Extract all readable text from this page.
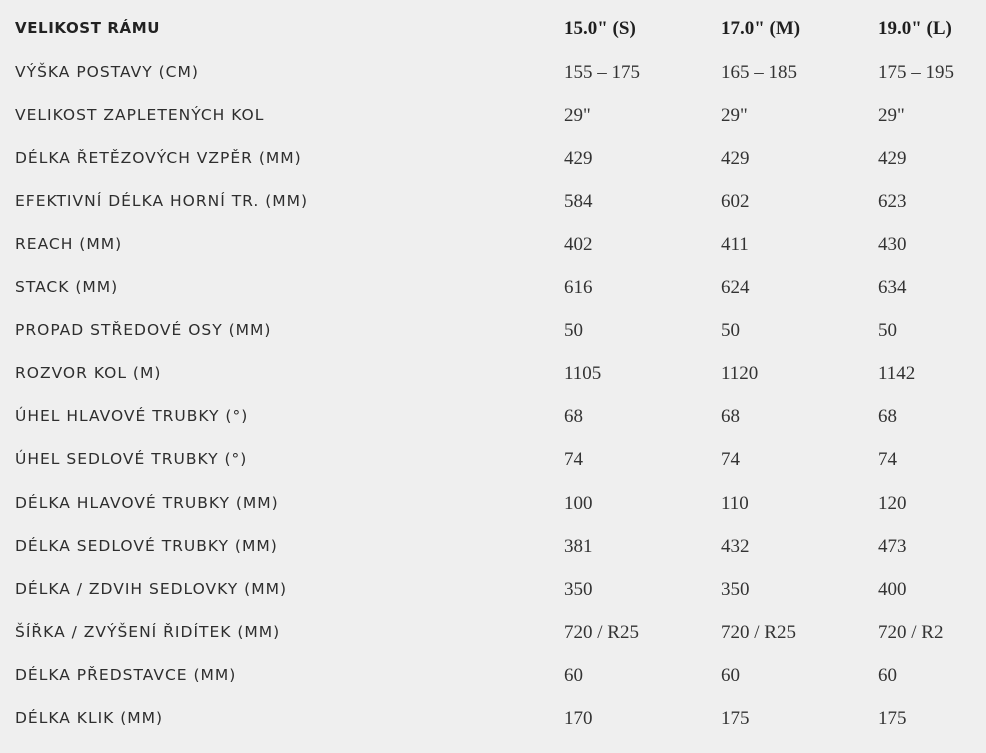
VELIKOST RÁMU	15.0" (S)	17.0" (M)	19.0" (L)
VÝŠKA POSTAVY (CM)	155 – 175	165 – 185	175 – 195
VELIKOST ZAPLETENÝCH KOL	29"	29"	29"
DÉLKA ŘETĚZOVÝCH VZPĚR (MM)	429	429	429
EFEKTIVNÍ DÉLKA HORNÍ TR. (MM)	584	602	623
REACH (MM)	402	411	430
STACK (MM)	616	624	634
PROPAD STŘEDOVÉ OSY (MM)	50	50	50
ROZVOR KOL (M)	1105	1120	1142
ÚHEL HLAVOVÉ TRUBKY (°)	68	68	68
ÚHEL SEDLOVÉ TRUBKY (°)	74	74	74
DÉLKA HLAVOVÉ TRUBKY (MM)	100	110	120
DÉLKA SEDLOVÉ TRUBKY (MM)	381	432	473
DÉLKA / ZDVIH SEDLOVKY (MM)	350	350	400
ŠÍŘKA / ZVÝŠENÍ ŘIDÍTEK (MM)	720 / R25	720 / R25	720 / R2
DÉLKA PŘEDSTAVCE (MM)	60	60	60
DÉLKA KLIK (MM)	170	175	175
